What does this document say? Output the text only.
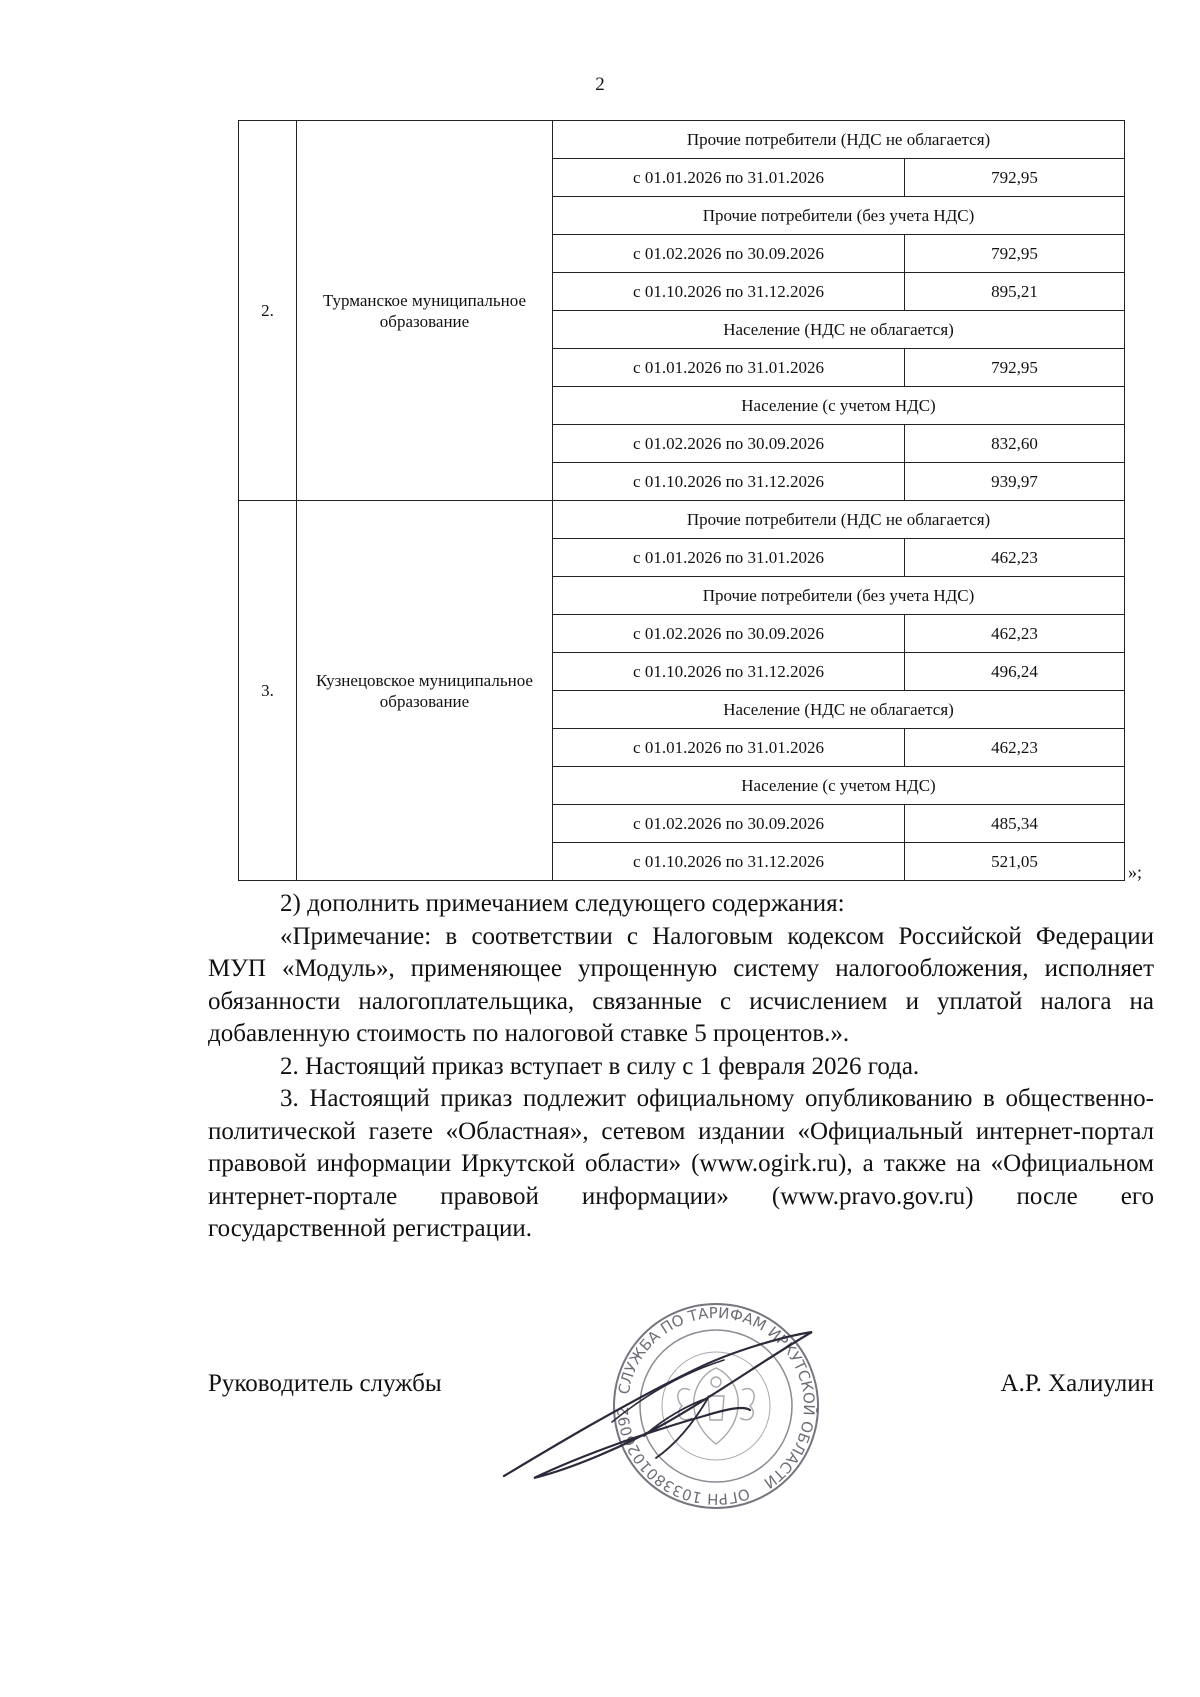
2
2.	Турманское муниципальное образование	Прочие потребители (НДС не облагается)	
		с 01.01.2026 по 31.01.2026	792,95
		Прочие потребители (без учета НДС)	
		с 01.02.2026 по 30.09.2026	792,95
		с 01.10.2026 по 31.12.2026	895,21
		Население (НДС не облагается)	
		с 01.01.2026 по 31.01.2026	792,95
		Население (с учетом НДС)	
		с 01.02.2026 по 30.09.2026	832,60
		с 01.10.2026 по 31.12.2026	939,97
3.	Кузнецовское муниципальное образование	Прочие потребители (НДС не облагается)	
		с 01.01.2026 по 31.01.2026	462,23
		Прочие потребители (без учета НДС)	
		с 01.02.2026 по 30.09.2026	462,23
		с 01.10.2026 по 31.12.2026	496,24
		Население (НДС не облагается)	
		с 01.01.2026 по 31.01.2026	462,23
		Население (с учетом НДС)	
		с 01.02.2026 по 30.09.2026	485,34
		с 01.10.2026 по 31.12.2026	521,05
»;

2) дополнить примечанием следующего содержания:

«Примечание: в соответствии с Налоговым кодексом Российской Федерации МУП «Модуль», применяющее упрощенную систему налогообложения, исполняет обязанности налогоплательщика, связанные с исчислением и уплатой налога на добавленную стоимость по налоговой ставке 5 процентов.».

2. Настоящий приказ вступает в силу с 1 февраля 2026 года.

3. Настоящий приказ подлежит официальному опубликованию в общественно-политической газете «Областная», сетевом издании «Официальный интернет-портал правовой информации Иркутской области» (www.ogirk.ru), а также на «Официальном интернет-портале правовой информации» (www.pravo.gov.ru) после его государственной регистрации.

Руководитель службы	А.Р. Халиулин
СЛУЖБА ПО ТАРИФАМ ИРКУТСКОЙ ОБЛАСТИ ОГРН 1033801026092
